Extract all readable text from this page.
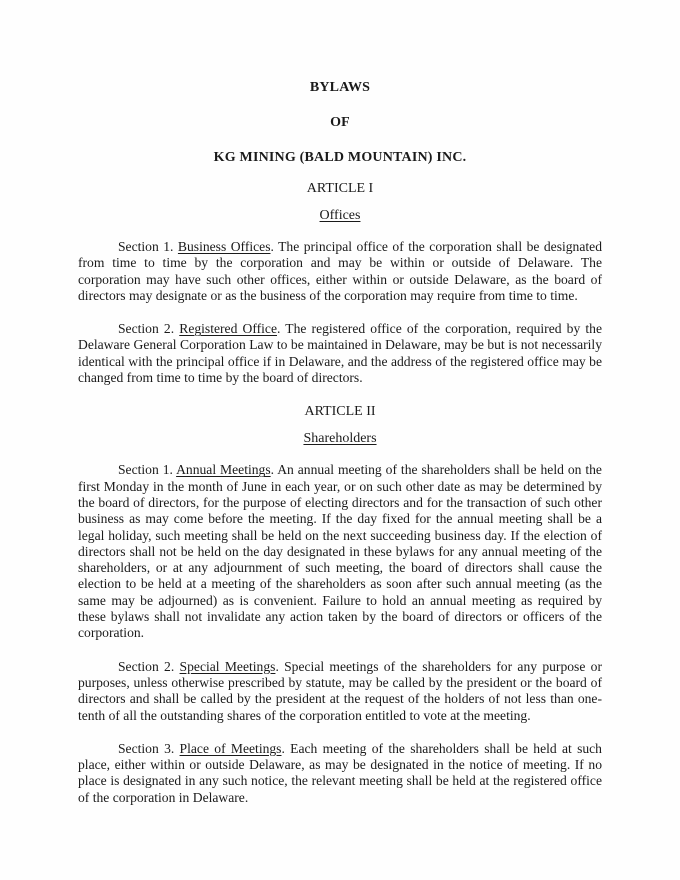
BYLAWS
OF
KG MINING (BALD MOUNTAIN) INC.
ARTICLE I
Offices

Section 1. Business Offices. The principal office of the corporation shall be designated from time to time by the corporation and may be within or outside of Delaware. The corporation may have such other offices, either within or outside Delaware, as the board of directors may designate or as the business of the corporation may require from time to time.

Section 2. Registered Office. The registered office of the corporation, required by the Delaware General Corporation Law to be maintained in Delaware, may be but is not necessarily identical with the principal office if in Delaware, and the address of the registered office may be changed from time to time by the board of directors.

ARTICLE II
Shareholders

Section 1. Annual Meetings. An annual meeting of the shareholders shall be held on the first Monday in the month of June in each year, or on such other date as may be determined by the board of directors, for the purpose of electing directors and for the transaction of such other business as may come before the meeting. If the day fixed for the annual meeting shall be a legal holiday, such meeting shall be held on the next succeeding business day. If the election of directors shall not be held on the day designated in these bylaws for any annual meeting of the shareholders, or at any adjournment of such meeting, the board of directors shall cause the election to be held at a meeting of the shareholders as soon after such annual meeting (as the same may be adjourned) as is convenient. Failure to hold an annual meeting as required by these bylaws shall not invalidate any action taken by the board of directors or officers of the corporation.

Section 2. Special Meetings. Special meetings of the shareholders for any purpose or purposes, unless otherwise prescribed by statute, may be called by the president or the board of directors and shall be called by the president at the request of the holders of not less than one-tenth of all the outstanding shares of the corporation entitled to vote at the meeting.

Section 3. Place of Meetings. Each meeting of the shareholders shall be held at such place, either within or outside Delaware, as may be designated in the notice of meeting. If no place is designated in any such notice, the relevant meeting shall be held at the registered office of the corporation in Delaware.
